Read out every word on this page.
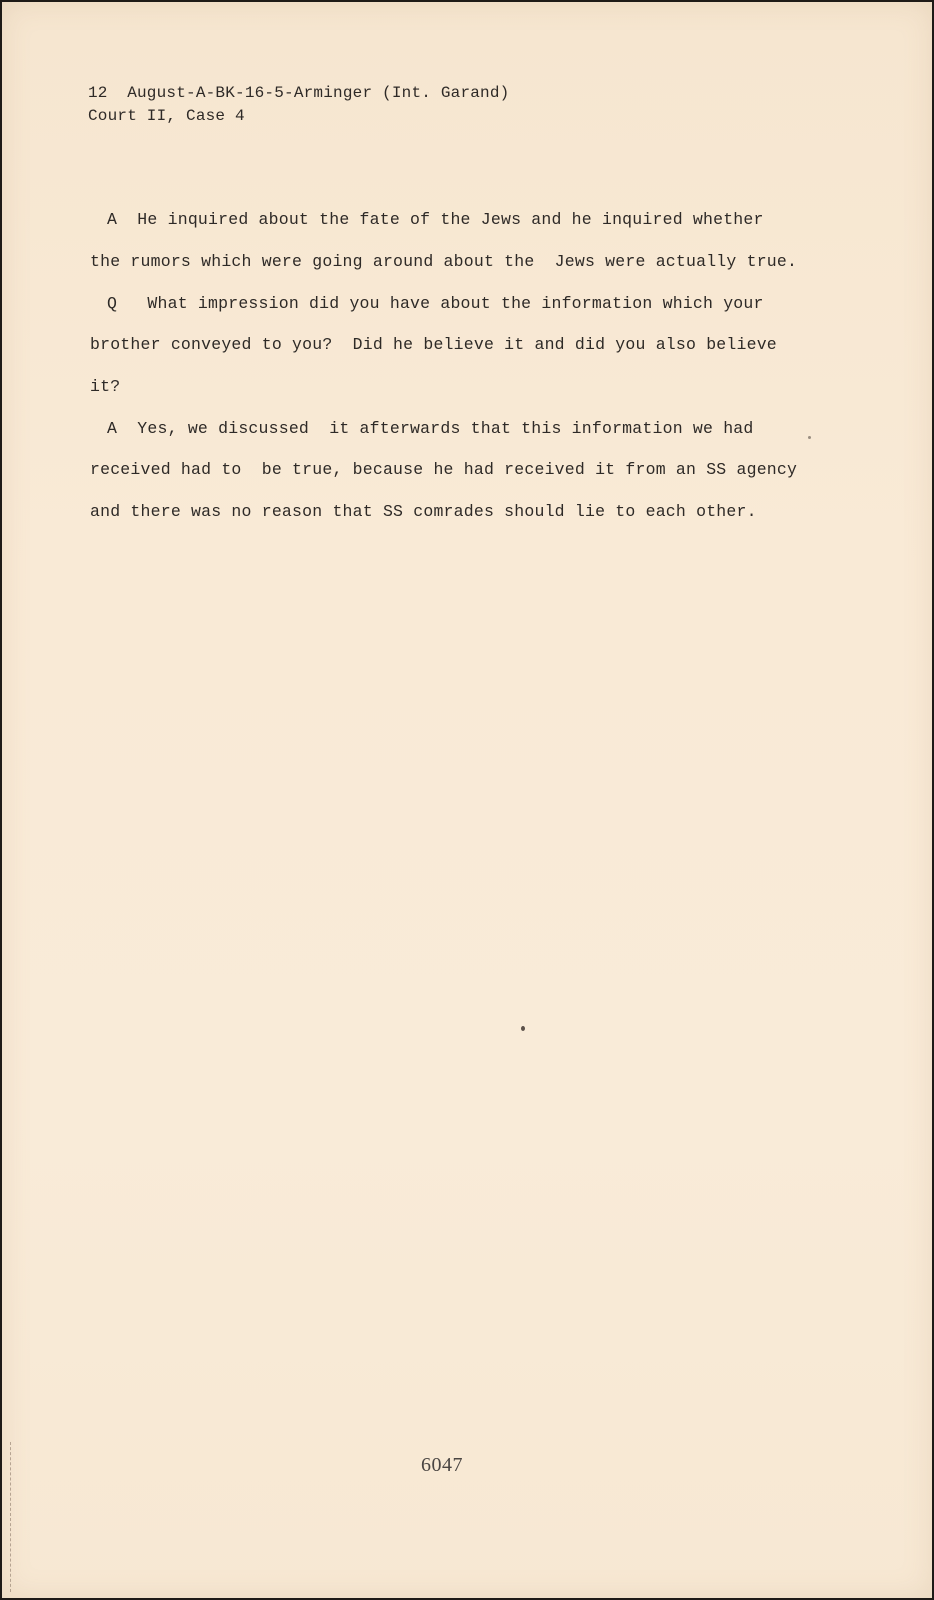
12  August-A-BK-16-5-Arminger (Int. Garand)

Court II, Case 4

A  He inquired about the fate of the Jews and he inquired whether

the rumors which were going around about the  Jews were actually true.

Q   What impression did you have about the information which your

brother conveyed to you?  Did he believe it and did you also believe

it?

A  Yes, we discussed  it afterwards that this information we had

received had to  be true, because he had received it from an SS agency

and there was no reason that SS comrades should lie to each other.

6047
